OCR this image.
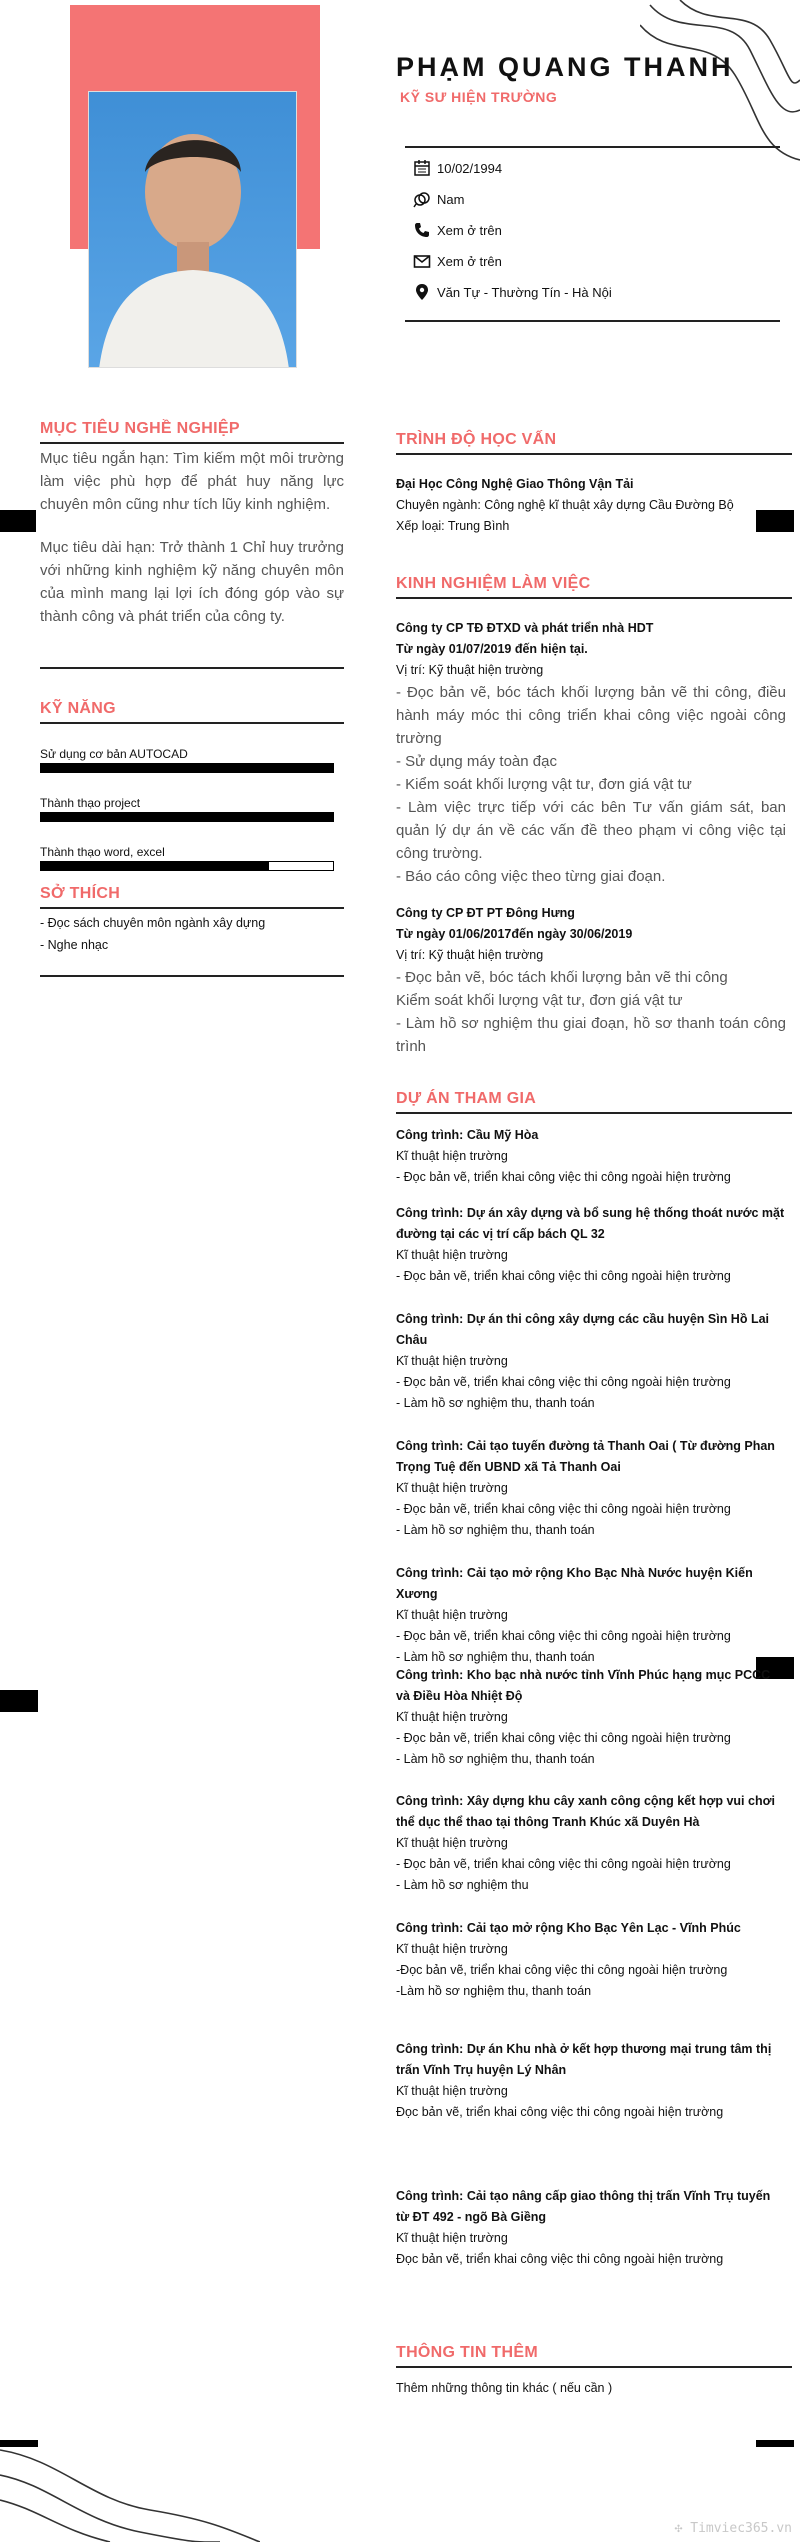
PHẠM QUANG THANH
KỸ SƯ HIỆN TRƯỜNG
10/02/1994
Nam
Xem ở trên
Xem ở trên
Văn Tự - Thường Tín - Hà Nội
MỤC TIÊU NGHỀ NGHIỆP
Mục tiêu ngắn hạn: Tìm kiếm một môi trường làm việc phù hợp để phát huy năng lực chuyên môn cũng như tích lũy kinh nghiệm.
Mục tiêu dài hạn: Trở thành 1 Chỉ huy trưởng với những kinh nghiệm kỹ năng chuyên môn của mình mang lại lợi ích đóng góp vào sự thành công và phát triển của công ty.
KỸ NĂNG
Sử dụng cơ bản AUTOCAD
Thành thạo project
Thành thạo word, excel
SỞ THÍCH
- Đọc sách chuyên môn ngành xây dựng
- Nghe nhạc
TRÌNH ĐỘ HỌC VẤN
Đại Học Công Nghệ Giao Thông Vận Tải
Chuyên ngành: Công nghệ kĩ thuật xây dựng Cầu Đường Bộ
Xếp loại: Trung Bình
KINH NGHIỆM LÀM VIỆC
Công ty CP TĐ ĐTXD và phát triển nhà HDT
Từ ngày 01/07/2019 đến hiện tại.
Vị trí: Kỹ thuật hiện trường
- Đọc bản vẽ, bóc tách khối lượng bản vẽ thi công, điều hành máy móc thi công triển khai công việc ngoài công trường
- Sử dụng máy toàn đạc
- Kiểm soát khối lượng vật tư, đơn giá vật tư
- Làm việc trực tiếp với các bên Tư vấn giám sát, ban quản lý dự án về các vấn đề theo phạm vi công việc tại công trường.
- Báo cáo công việc theo từng giai đoạn.
Công ty CP ĐT PT Đông Hưng
Từ ngày 01/06/2017đến ngày 30/06/2019
Vị trí: Kỹ thuật hiện trường
- Đọc bản vẽ, bóc tách khối lượng bản vẽ thi công
Kiểm soát khối lượng vật tư, đơn giá vật tư
- Làm hồ sơ nghiệm thu giai đoạn, hồ sơ thanh toán công trình
DỰ ÁN THAM GIA
Công trình: Cầu Mỹ Hòa
Kĩ thuật hiện trường
- Đọc bản vẽ, triển khai công việc thi công ngoài hiện trường
Công trình: Dự án xây dựng và bổ sung hệ thống thoát nước mặt đường tại các vị trí cấp bách QL 32
Kĩ thuật hiện trường
- Đọc bản vẽ, triển khai công việc thi công ngoài hiện trường
Công trình: Dự án thi công xây dựng các cầu huyện Sìn Hồ Lai Châu
Kĩ thuật hiện trường
- Đọc bản vẽ, triển khai công việc thi công ngoài hiện trường
- Làm hồ sơ nghiệm thu, thanh toán
Công trình: Cải tạo tuyến đường tả Thanh Oai ( Từ đường Phan Trọng Tuệ đến UBND xã Tả Thanh Oai
Kĩ thuật hiện trường
- Đọc bản vẽ, triển khai công việc thi công ngoài hiện trường
- Làm hồ sơ nghiệm thu, thanh toán
Công trình: Cải tạo mở rộng Kho Bạc Nhà Nước huyện Kiến Xương
Kĩ thuật hiện trường
- Đọc bản vẽ, triển khai công việc thi công ngoài hiện trường
- Làm hồ sơ nghiệm thu, thanh toán
Công trình: Kho bạc nhà nước tỉnh Vĩnh Phúc hạng mục PCCC và Điều Hòa Nhiệt Độ
Kĩ thuật hiện trường
- Đọc bản vẽ, triển khai công việc thi công ngoài hiện trường
- Làm hồ sơ nghiệm thu, thanh toán
Công trình: Xây dựng khu cây xanh công cộng kết hợp vui chơi thể dục thể thao tại thông Tranh Khúc xã Duyên Hà
Kĩ thuật hiện trường
- Đọc bản vẽ, triển khai công việc thi công ngoài hiện trường
- Làm hồ sơ nghiệm thu
Công trình: Cải tạo mở rộng Kho Bạc Yên Lạc - Vĩnh Phúc
Kĩ thuật hiện trường
-Đọc bản vẽ, triển khai công việc thi công ngoài hiện trường
-Làm hồ sơ nghiệm thu, thanh toán
Công trình: Dự án Khu nhà ở kết hợp thương mại trung tâm thị trấn Vĩnh Trụ huyện Lý Nhân
Kĩ thuật hiện trường
Đọc bản vẽ, triển khai công việc thi công ngoài hiện trường
Công trình: Cải tạo nâng cấp giao thông thị trấn Vĩnh Trụ tuyến từ ĐT 492 - ngõ Bà Giềng
Kĩ thuật hiện trường
Đọc bản vẽ, triển khai công việc thi công ngoài hiện trường
THÔNG TIN THÊM
Thêm những thông tin khác ( nếu cần )
✣ Timviec365.vn
